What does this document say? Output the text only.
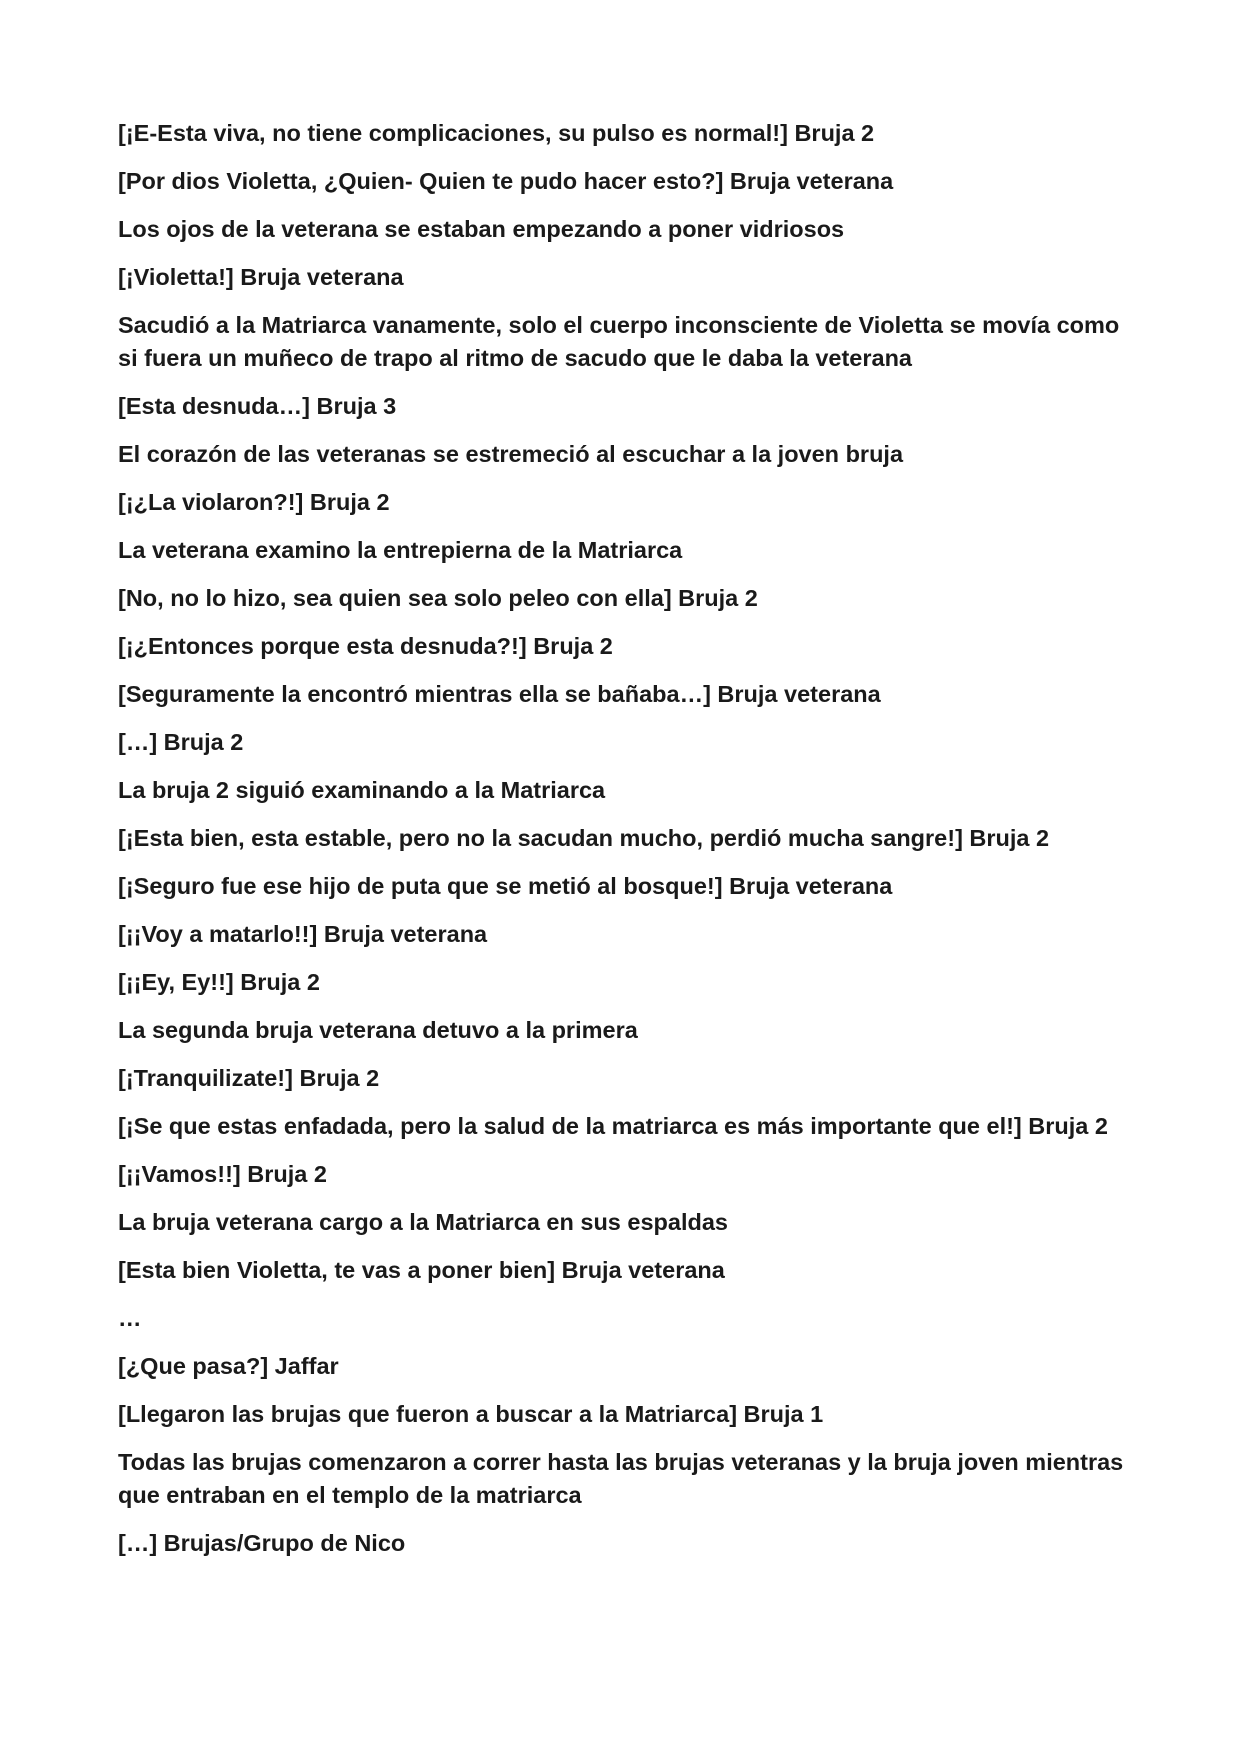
[¡E-Esta viva, no tiene complicaciones, su pulso es normal!] Bruja 2

[Por dios Violetta, ¿Quien- Quien te pudo hacer esto?] Bruja veterana

Los ojos de la veterana se estaban empezando a poner vidriosos

[¡Violetta!] Bruja veterana

Sacudió a la Matriarca vanamente, solo el cuerpo inconsciente de Violetta se movía como si fuera un muñeco de trapo al ritmo de sacudo que le daba la veterana

[Esta desnuda…] Bruja 3

El corazón de las veteranas se estremeció al escuchar a la joven bruja

[¡¿La violaron?!] Bruja 2

La veterana examino la entrepierna de la Matriarca

[No, no lo hizo, sea quien sea solo peleo con ella] Bruja 2

[¡¿Entonces porque esta desnuda?!] Bruja 2

[Seguramente la encontró mientras ella se bañaba…] Bruja veterana

[…] Bruja 2

La bruja 2 siguió examinando a la Matriarca

[¡Esta bien, esta estable, pero no la sacudan mucho, perdió mucha sangre!] Bruja 2

[¡Seguro fue ese hijo de puta que se metió al bosque!] Bruja veterana

[¡¡Voy a matarlo!!] Bruja veterana

[¡¡Ey, Ey!!] Bruja 2

La segunda bruja veterana detuvo a la primera

[¡Tranquilizate!] Bruja 2

[¡Se que estas enfadada, pero la salud de la matriarca es más importante que el!] Bruja 2

[¡¡Vamos!!] Bruja 2

La bruja veterana cargo a la Matriarca en sus espaldas

[Esta bien Violetta, te vas a poner bien] Bruja veterana

…

[¿Que pasa?] Jaffar

[Llegaron las brujas que fueron a buscar a la Matriarca] Bruja 1

Todas las brujas comenzaron a correr hasta las brujas veteranas y la bruja joven mientras que entraban en el templo de la matriarca

[…] Brujas/Grupo de Nico
